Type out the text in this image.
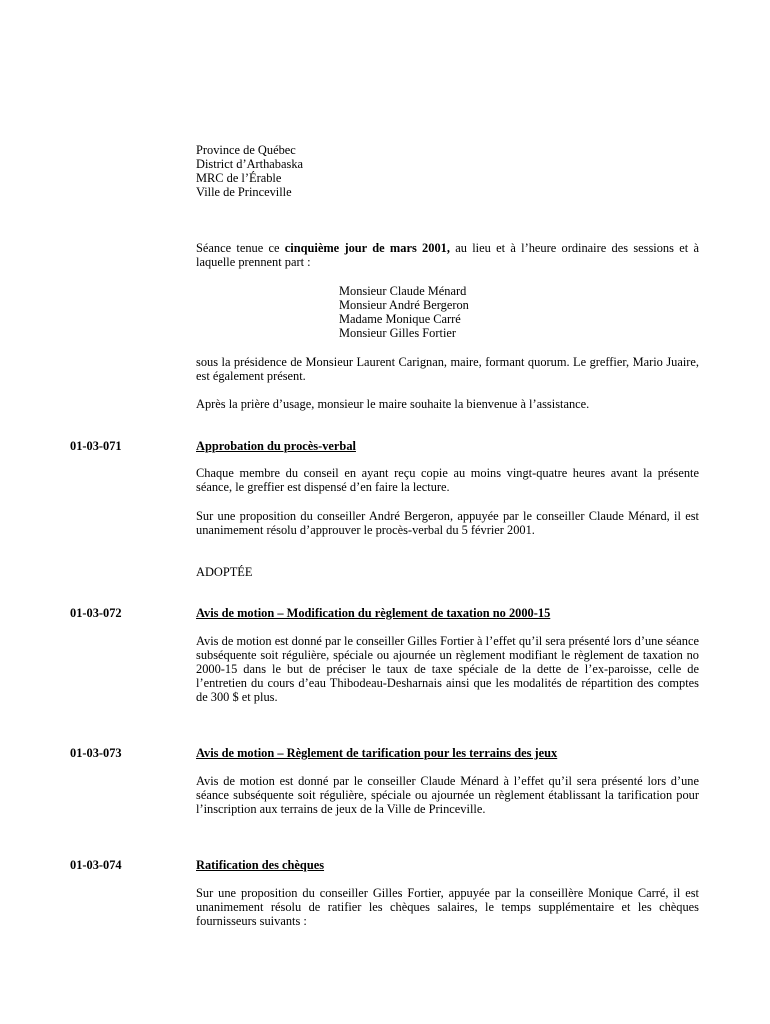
Province de Québec
District d’Arthabaska
MRC de l’Érable
Ville de Princeville
Séance tenue ce cinquième jour de mars 2001, au lieu et à l’heure ordinaire des sessions et à laquelle prennent part :
Monsieur Claude Ménard
Monsieur André Bergeron
Madame Monique Carré
Monsieur Gilles Fortier
sous la présidence de Monsieur Laurent Carignan, maire, formant quorum. Le greffier, Mario Juaire, est également présent.
Après la prière d’usage, monsieur le maire souhaite la bienvenue à l’assistance.
01-03-071	Approbation du procès-verbal
Chaque membre du conseil en ayant reçu copie au moins vingt-quatre heures avant la présente séance, le greffier est dispensé d’en faire la lecture.
Sur une proposition du conseiller André Bergeron, appuyée par le conseiller Claude Ménard, il est unanimement résolu d’approuver le procès-verbal du 5 février 2001.
ADOPTÉE
01-03-072	Avis de motion – Modification du règlement de taxation no 2000-15
Avis de motion est donné par le conseiller Gilles Fortier à l’effet qu’il sera présenté lors d’une séance subséquente soit régulière, spéciale ou ajournée un règlement modifiant le règlement de taxation no 2000-15 dans le but de préciser le taux de taxe spéciale de la dette de l’ex-paroisse, celle de l’entretien du cours d’eau Thibodeau-Desharnais ainsi que les modalités de répartition des comptes de 300 $ et plus.
01-03-073	Avis de motion – Règlement de tarification pour les terrains des jeux
Avis de motion est donné par le conseiller Claude Ménard à l’effet qu’il sera présenté lors d’une séance subséquente soit régulière, spéciale ou ajournée un règlement établissant la tarification pour l’inscription aux terrains de jeux de la Ville de Princeville.
01-03-074	Ratification des chèques
Sur une proposition du conseiller Gilles Fortier, appuyée par la conseillère Monique Carré, il est unanimement résolu de ratifier les chèques salaires, le temps supplémentaire et les chèques fournisseurs suivants :
